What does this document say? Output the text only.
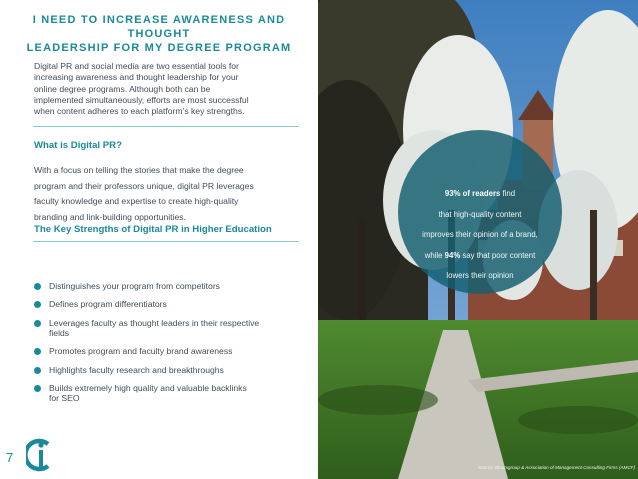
I NEED TO INCREASE AWARENESS AND THOUGHT
LEADERSHIP FOR MY DEGREE PROGRAM
Digital PR and social media are two essential tools for
increasing awareness and thought leadership for your
online degree programs. Although both can be
implemented simultaneously, efforts are most successful
when content adheres to each platform’s key strengths.
What is Digital PR?
With a focus on telling the stories that make the degree
program and their professors unique, digital PR leverages
faculty knowledge and expertise to create high-quality
branding and link-building opportunities.
The Key Strengths of Digital PR in Higher Education
Distinguishes your program from competitors
Defines program differentiators
Leverages faculty as thought leaders in their respective
fields
Promotes program and faculty brand awareness
Highlights faculty research and breakthroughs
Builds extremely high quality and valuable backlinks
for SEO
7
93% of readers find
that high-quality content
improves their opinion of a brand,
while 94% say that poor content
lowers their opinion
Source: Bloomgroup & Association of Management Consulting Firms (AMCF)
